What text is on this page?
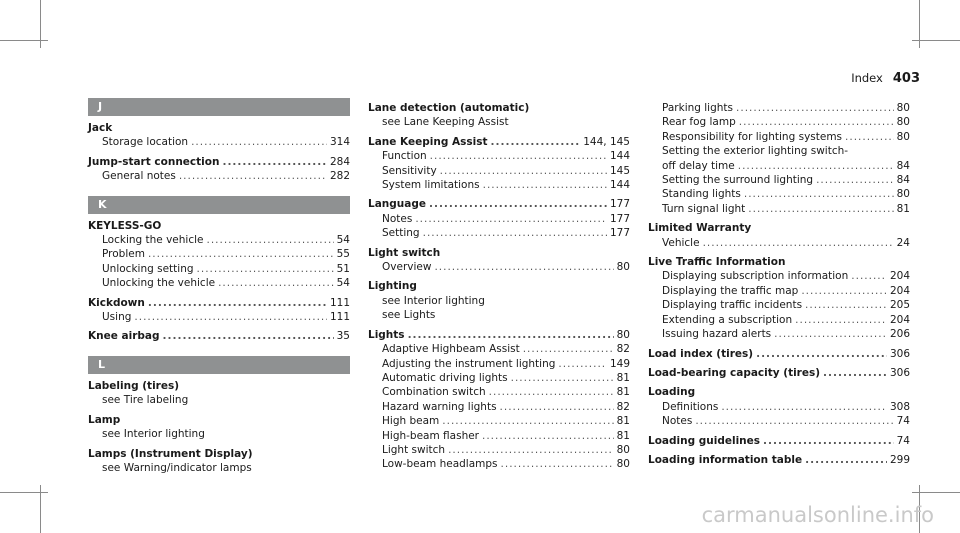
Index 403
J
Jack
Storage location .....	314
Jump-start connection .....	284
General notes .....	282
K
KEYLESS-GO
Locking the vehicle .....	54
Problem .....	55
Unlocking setting .....	51
Unlocking the vehicle .....	54
Kickdown .....	111
Using .....	111
Knee airbag .....	35
L
Labeling (tires)
see Tire labeling
Lamp
see Interior lighting
Lamps (Instrument Display)
see Warning/indicator lamps
Lane detection (automatic)
see Lane Keeping Assist
Lane Keeping Assist .....	144, 145
Function .....	144
Sensitivity .....	145
System limitations .....	144
Language .....	177
Notes .....	177
Setting .....	177
Light switch
Overview .....	80
Lighting
see Interior lighting
see Lights
Lights .....	80
Adaptive Highbeam Assist .....	82
Adjusting the instrument lighting .....	149
Automatic driving lights .....	81
Combination switch .....	81
Hazard warning lights .....	82
High beam .....	81
High-beam flasher .....	81
Light switch .....	80
Low-beam headlamps .....	80
Parking lights .....	80
Rear fog lamp .....	80
Responsibility for lighting systems .....	80
Setting the exterior lighting switch-
off delay time .....	84
Setting the surround lighting .....	84
Standing lights .....	80
Turn signal light .....	81
Limited Warranty
Vehicle .....	24
Live Traffic Information
Displaying subscription information .....	204
Displaying the traffic map .....	204
Displaying traffic incidents .....	205
Extending a subscription .....	204
Issuing hazard alerts .....	206
Load index (tires) .....	306
Load-bearing capacity (tires) .....	306
Loading
Definitions .....	308
Notes .....	74
Loading guidelines .....	74
Loading information table .....	299
carmanualsonline.info
